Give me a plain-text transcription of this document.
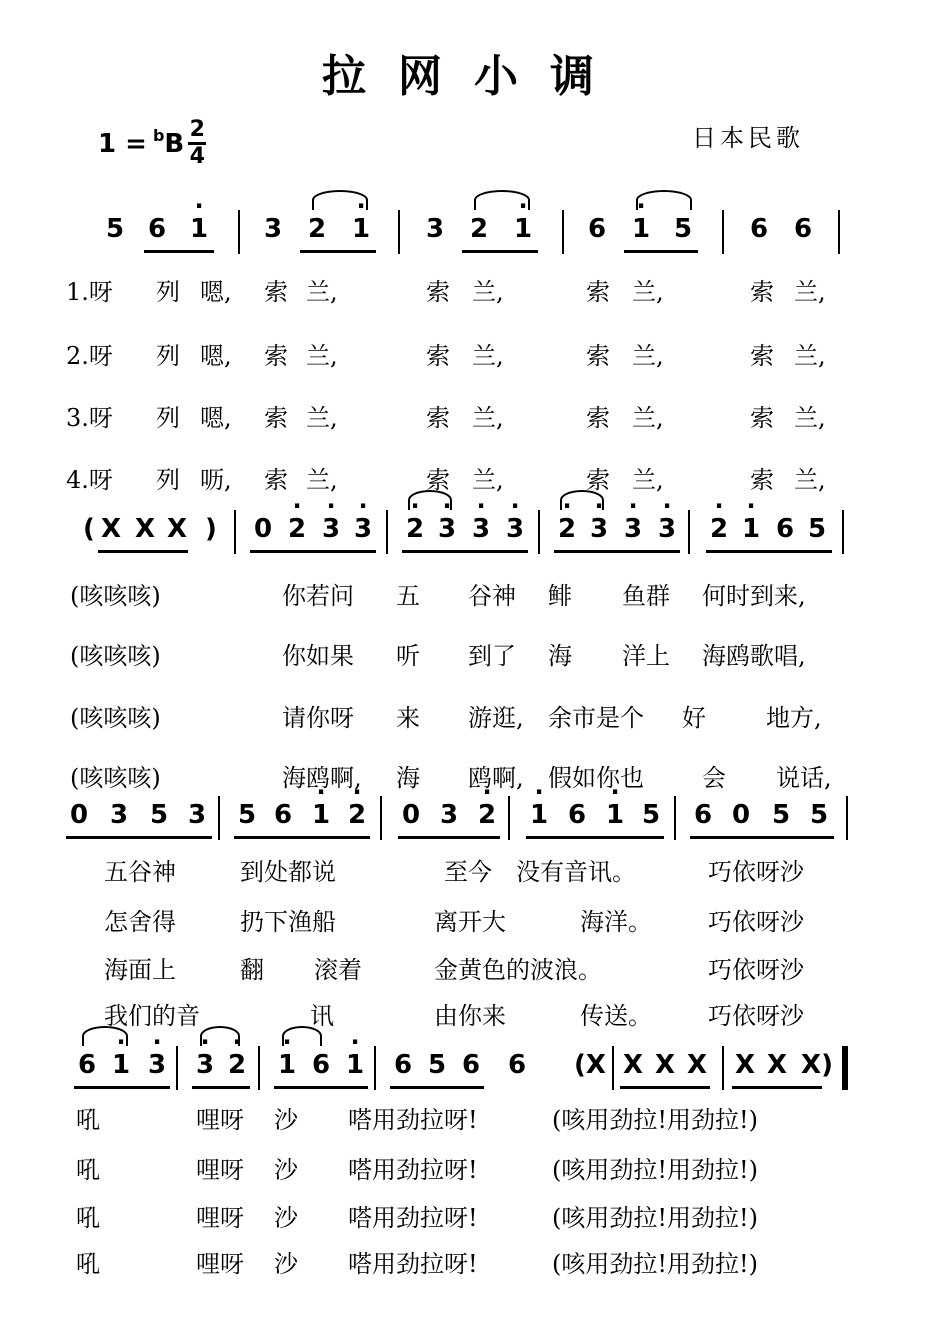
拉网小调
1 = b B $\frac{2}{4}$	日本民歌
5 6 · 1 3 2 · 1 3 2 · 1 6 · 1 5 6 6
1.呀 列 嗯, 索 兰,	索 兰,	索 兰,	索 兰,
2.呀 列 嗯, 索 兰,	索 兰,	索 兰,	索 兰,
3.呀 列 嗯, 索 兰,	索 兰,	索 兰,	索 兰,
4.呀 列 呖, 索 兰,	索 兰,	索 兰,	索 兰,
( X X X ) 0 · 2 · 3 · 3 · 2 · 3 · 3 · 3 · 2 · 3 · 3 · 3 · 2 · 1 6 5
(咳咳咳)	你若问 五 谷神 鲱 鱼群 何时到来,
(咳咳咳)	你如果 听 到了 海 洋上 海鸥歌唱,
(咳咳咳)	请你呀 来 游逛, 余市是个 好	地方,
(咳咳咳)	海鸥啊, 海 鸥啊, 假如你也 会 说话,
0 3 5 3 5 6 · 1 · 2 0 3 · 2 · 1 6 · 1 5 6 0 5 5
五谷神	到处都说	至今 没有音讯。	巧依呀沙
怎舍得	扔下渔船	离开大	海洋。 巧依呀沙
海面上	翻 滚着	金黄色的波浪。	巧依呀沙
我们的音	讯	由你来	传送。 巧依呀沙
6 · 1 · 3 · 3 · 2 · 1 6 · 1 6 5 6 6 (X X X X X X X)
吼	哩呀 沙 嗒用劲拉呀!	(咳用劲拉!用劲拉!)
吼	哩呀 沙 嗒用劲拉呀!	(咳用劲拉!用劲拉!)
吼	哩呀 沙 嗒用劲拉呀!	(咳用劲拉!用劲拉!)
吼	哩呀 沙 嗒用劲拉呀!	(咳用劲拉!用劲拉!)
